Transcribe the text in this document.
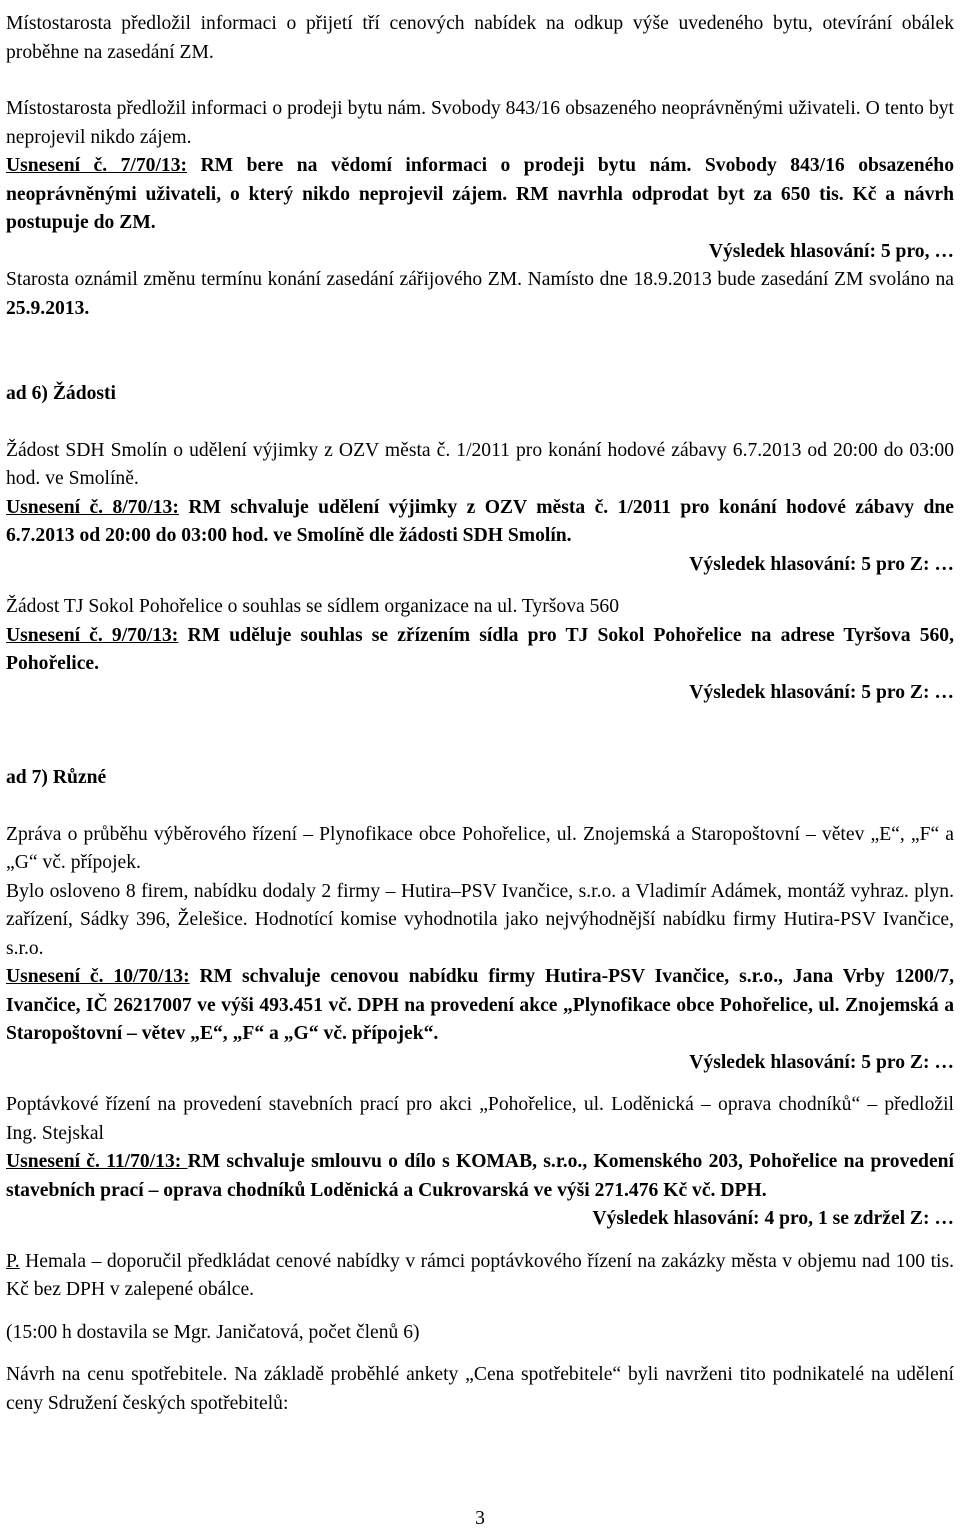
Místostarosta předložil informaci o přijetí tří cenových nabídek na odkup výše uvedeného bytu, otevírání obálek proběhne na zasedání ZM.

Místostarosta předložil informaci o prodeji bytu nám. Svobody 843/16 obsazeného neoprávněnými uživateli. O tento byt neprojevil nikdo zájem.

Usnesení č. 7/70/13: RM bere na vědomí informaci o prodeji bytu nám. Svobody 843/16 obsazeného neoprávněnými uživateli, o který nikdo neprojevil zájem. RM navrhla odprodat byt za 650 tis. Kč a návrh postupuje do ZM.

Výsledek hlasování: 5 pro, …

Starosta oznámil změnu termínu konání zasedání zářijového ZM. Namísto dne 18.9.2013 bude zasedání ZM svoláno na 25.9.2013.

ad 6) Žádosti

Žádost SDH Smolín o udělení výjimky z OZV města č. 1/2011 pro konání hodové zábavy 6.7.2013 od 20:00 do 03:00 hod. ve Smolíně.

Usnesení č. 8/70/13: RM schvaluje udělení výjimky z OZV města č. 1/2011 pro konání hodové zábavy dne 6.7.2013 od 20:00 do 03:00 hod. ve Smolíně dle žádosti SDH Smolín.

Výsledek hlasování: 5 pro Z: …

Žádost TJ Sokol Pohořelice o souhlas se sídlem organizace na ul. Tyršova 560

Usnesení č. 9/70/13: RM uděluje souhlas se zřízením sídla pro TJ Sokol Pohořelice na adrese Tyršova 560, Pohořelice.

Výsledek hlasování: 5 pro Z: …

ad 7) Různé

Zpráva o průběhu výběrového řízení – Plynofikace obce Pohořelice, ul. Znojemská a Staropoštovní – větev „E“, „F“ a „G“ vč. přípojek.

Bylo osloveno 8 firem, nabídku dodaly 2 firmy – Hutira–PSV Ivančice, s.r.o. a Vladimír Adámek, montáž vyhraz. plyn. zařízení, Sádky 396, Želešice. Hodnotící komise vyhodnotila jako nejvýhodnější nabídku firmy Hutira-PSV Ivančice, s.r.o.

Usnesení č. 10/70/13: RM schvaluje cenovou nabídku firmy Hutira-PSV Ivančice, s.r.o., Jana Vrby 1200/7, Ivančice, IČ 26217007 ve výši 493.451 vč. DPH na provedení akce „Plynofikace obce Pohořelice, ul. Znojemská a Staropoštovní – větev „E“, „F“ a „G“ vč. přípojek“.

Výsledek hlasování: 5 pro Z: …

Poptávkové řízení na provedení stavebních prací pro akci „Pohořelice, ul. Loděnická – oprava chodníků“ – předložil Ing. Stejskal

Usnesení č. 11/70/13: RM schvaluje smlouvu o dílo s KOMAB, s.r.o., Komenského 203, Pohořelice na provedení stavebních prací – oprava chodníků Loděnická a Cukrovarská ve výši 271.476 Kč vč. DPH.

Výsledek hlasování: 4 pro, 1 se zdržel Z: …

P. Hemala – doporučil předkládat cenové nabídky v rámci poptávkového řízení na zakázky města v objemu nad 100 tis. Kč bez DPH v zalepené obálce.

(15:00 h dostavila se Mgr. Janičatová, počet členů 6)

Návrh na cenu spotřebitele. Na základě proběhlé ankety „Cena spotřebitele“ byli navrženi tito podnikatelé na udělení ceny Sdružení českých spotřebitelů:

3
